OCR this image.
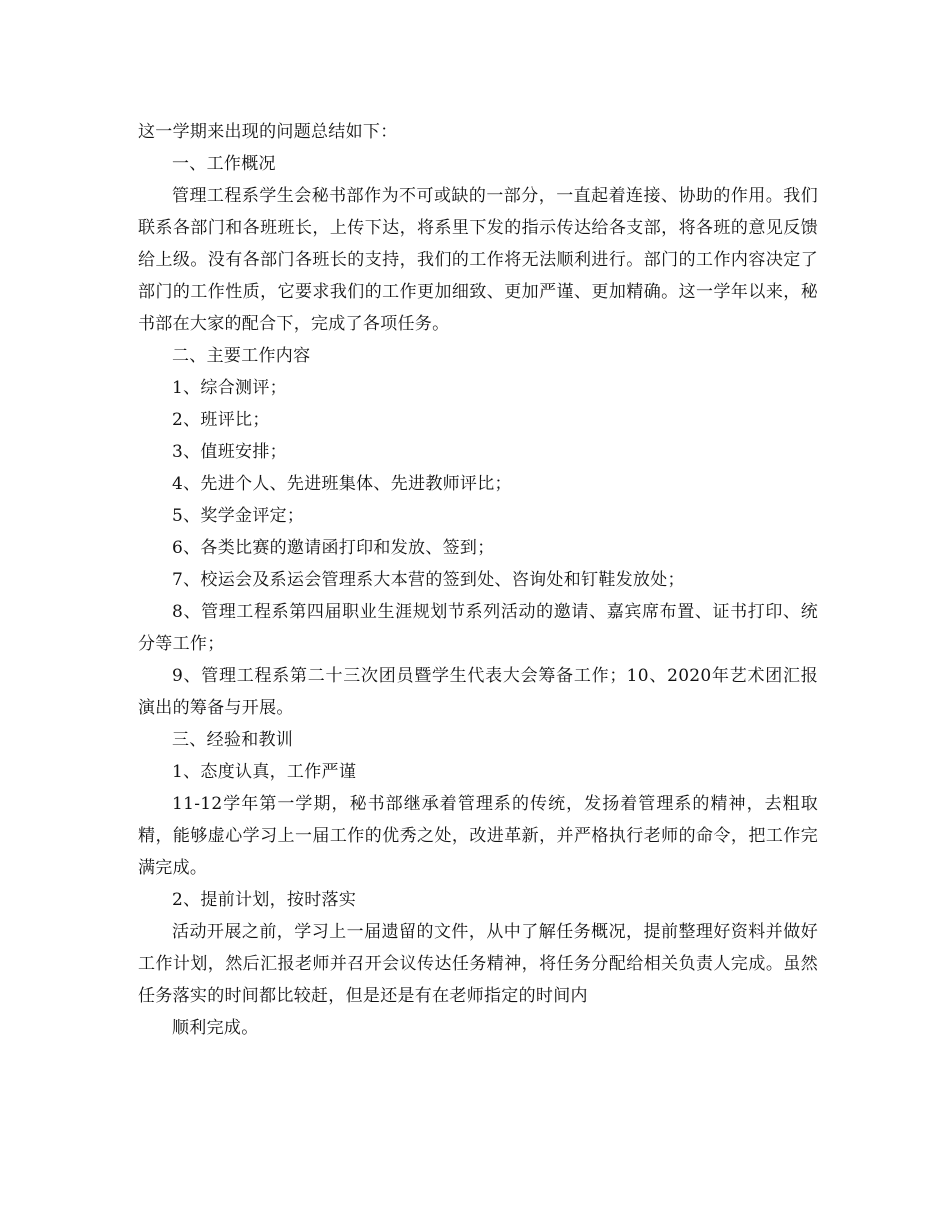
这一学期来出现的问题总结如下：

一、工作概况

管理工程系学生会秘书部作为不可或缺的一部分，一直起着连接、协助的作用。我们联系各部门和各班班长，上传下达，将系里下发的指示传达给各支部，将各班的意见反馈给上级。没有各部门各班长的支持，我们的工作将无法顺利进行。部门的工作内容决定了部门的工作性质，它要求我们的工作更加细致、更加严谨、更加精确。这一学年以来，秘书部在大家的配合下，完成了各项任务。

二、主要工作内容

1、综合测评；

2、班评比；

3、值班安排；

4、先进个人、先进班集体、先进教师评比；

5、奖学金评定；

6、各类比赛的邀请函打印和发放、签到；

7、校运会及系运会管理系大本营的签到处、咨询处和钉鞋发放处；

8、管理工程系第四届职业生涯规划节系列活动的邀请、嘉宾席布置、证书打印、统分等工作；

9、管理工程系第二十三次团员暨学生代表大会筹备工作；10、2020年艺术团汇报演出的筹备与开展。

三、经验和教训

1、态度认真，工作严谨

11-12学年第一学期，秘书部继承着管理系的传统，发扬着管理系的精神，去粗取精，能够虚心学习上一届工作的优秀之处，改进革新，并严格执行老师的命令，把工作完满完成。

2、提前计划，按时落实

活动开展之前，学习上一届遗留的文件，从中了解任务概况，提前整理好资料并做好工作计划，然后汇报老师并召开会议传达任务精神，将任务分配给相关负责人完成。虽然任务落实的时间都比较赶，但是还是有在老师指定的时间内

顺利完成。
